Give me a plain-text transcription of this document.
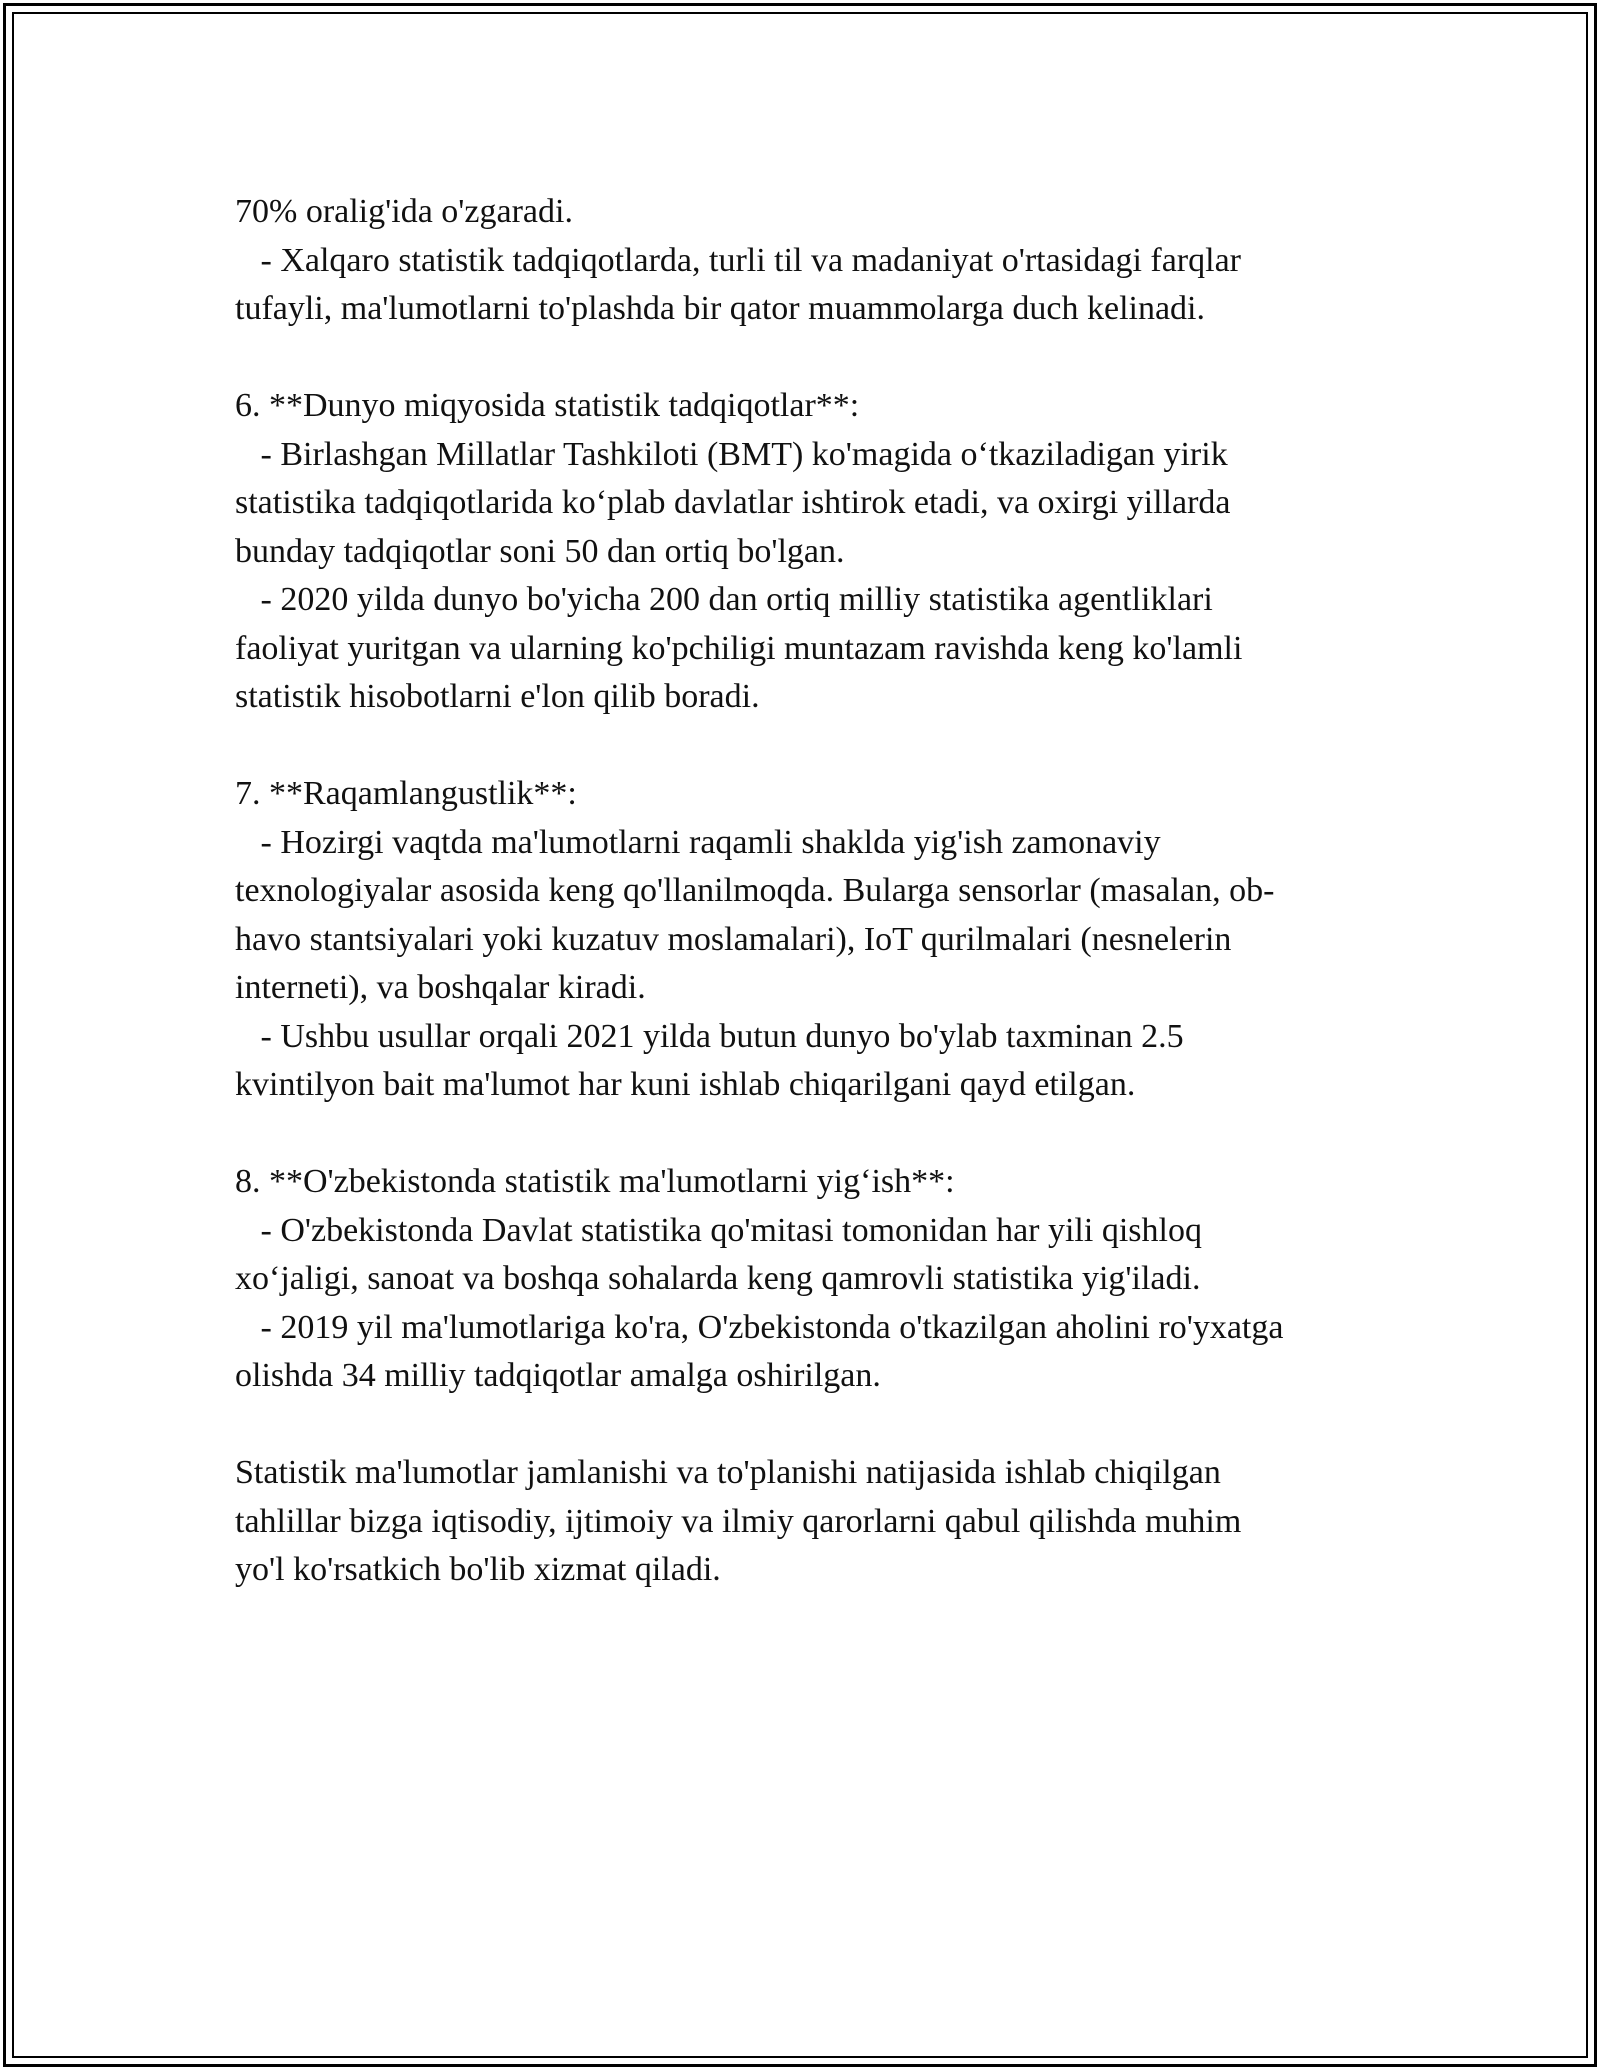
70% oralig'ida o'zgaradi.
- Xalqaro statistik tadqiqotlarda, turli til va madaniyat o'rtasidagi farqlar
tufayli, ma'lumotlarni to'plashda bir qator muammolarga duch kelinadi.
6. **Dunyo miqyosida statistik tadqiqotlar**:
- Birlashgan Millatlar Tashkiloti (BMT) ko'magida o‘tkaziladigan yirik
statistika tadqiqotlarida ko‘plab davlatlar ishtirok etadi, va oxirgi yillarda
bunday tadqiqotlar soni 50 dan ortiq bo'lgan.
- 2020 yilda dunyo bo'yicha 200 dan ortiq milliy statistika agentliklari
faoliyat yuritgan va ularning ko'pchiligi muntazam ravishda keng ko'lamli
statistik hisobotlarni e'lon qilib boradi.
7. **Raqamlangustlik**:
- Hozirgi vaqtda ma'lumotlarni raqamli shaklda yig'ish zamonaviy
texnologiyalar asosida keng qo'llanilmoqda. Bularga sensorlar (masalan, ob-
havo stantsiyalari yoki kuzatuv moslamalari), IoT qurilmalari (nesnelerin
interneti), va boshqalar kiradi.
- Ushbu usullar orqali 2021 yilda butun dunyo bo'ylab taxminan 2.5
kvintilyon bait ma'lumot har kuni ishlab chiqarilgani qayd etilgan.
8. **O'zbekistonda statistik ma'lumotlarni yig‘ish**:
- O'zbekistonda Davlat statistika qo'mitasi tomonidan har yili qishloq
xo‘jaligi, sanoat va boshqa sohalarda keng qamrovli statistika yig'iladi.
- 2019 yil ma'lumotlariga ko'ra, O'zbekistonda o'tkazilgan aholini ro'yxatga
olishda 34 milliy tadqiqotlar amalga oshirilgan.
Statistik ma'lumotlar jamlanishi va to'planishi natijasida ishlab chiqilgan
tahlillar bizga iqtisodiy, ijtimoiy va ilmiy qarorlarni qabul qilishda muhim
yo'l ko'rsatkich bo'lib xizmat qiladi.
